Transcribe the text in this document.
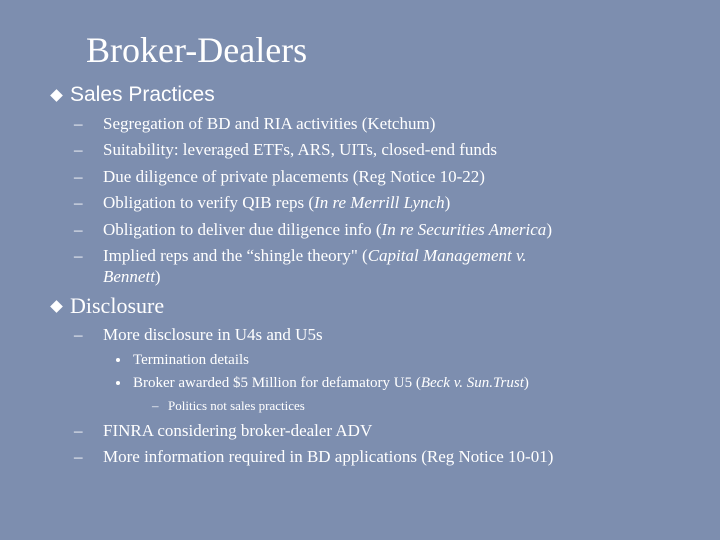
Broker-Dealers
Sales Practices
– Segregation of BD and RIA activities (Ketchum)
– Suitability: leveraged ETFs, ARS, UITs, closed-end funds
– Due diligence of private placements (Reg Notice 10-22)
– Obligation to verify QIB reps (In re Merrill Lynch)
– Obligation to deliver due diligence info (In re Securities America)
– Implied reps and the “shingle theory" (Capital Management v.
Bennett)
Disclosure
– More disclosure in U4s and U5s
Termination details
Broker awarded $5 Million for defamatory U5 (Beck v. Sun.Trust)
– Politics not sales practices
– FINRA considering broker-dealer ADV
– More information required in BD applications (Reg Notice 10-01)
